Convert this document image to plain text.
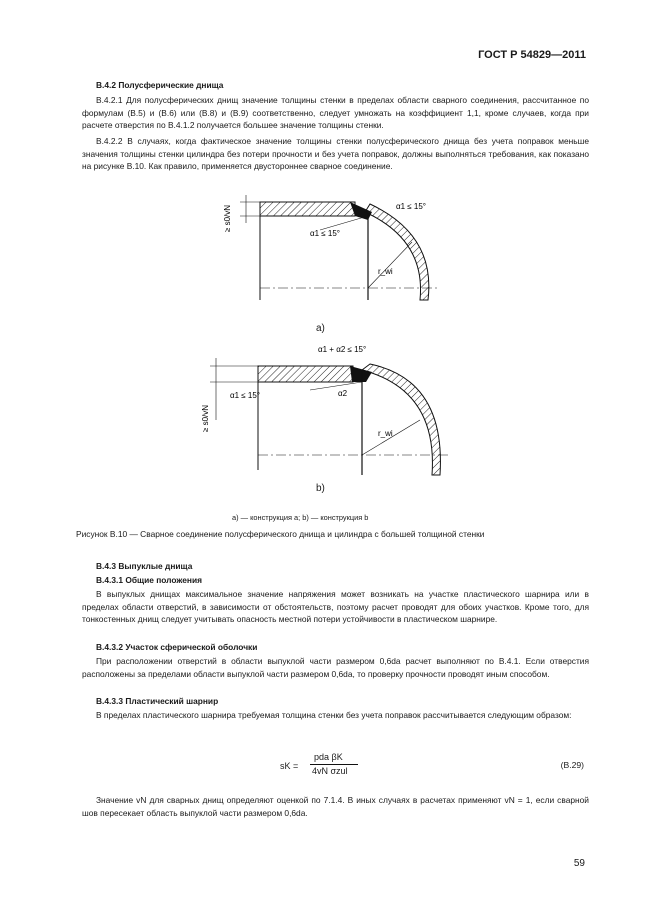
ГОСТ Р 54829—2011
B.4.2 Полусферические днища
B.4.2.1 Для полусферических днищ значение толщины стенки в пределах области сварного соединения, рассчитанное по формулам (B.5) и (B.6) или (B.8) и (B.9) соответственно, следует умножать на коэффициент 1,1, кроме случаев, когда при расчете отверстия по В.4.1.2 получается большее значение толщины стенки.
B.4.2.2 В случаях, когда фактическое значение толщины стенки полусферического днища без учета поправок меньше значения толщины стенки цилиндра без потери прочности и без учета поправок, должны выполняться требования, как показано на рисунке В.10. Как правило, применяется двустороннее сварное соединение.
≥ s0/vN	α1 ≤ 15°
α1 ≤ 15°
r_wi
a)
α1 + α2 ≤ 15°
α1 ≤ 15°	α2
≥ s0/vN
r_wi
b)
a) — конструкция a; b) — конструкция b
Рисунок B.10 — Сварное соединение полусферического днища и цилиндра с большей толщиной стенки
B.4.3 Выпуклые днища
B.4.3.1 Общие положения
В выпуклых днищах максимальное значение напряжения может возникать на участке пластического шарнира или в пределах области отверстий, в зависимости от обстоятельств, поэтому расчет проводят для обоих участков. Кроме того, для тонкостенных днищ следует учитывать опасность местной потери устойчивости в пластическом шарнире.
B.4.3.2 Участок сферической оболочки
При расположении отверстий в области выпуклой части размером 0,6dа расчет выполняют по В.4.1. Если отверстия расположены за пределами области выпуклой части размером 0,6dа, то проверку прочности проводят иным способом.
B.4.3.3 Пластический шарнир
В пределах пластического шарнира требуемая толщина стенки без учета поправок рассчитывается следующим образом:
sK =
pdа βK
4vN σzul
(B.29)
Значение vN для сварных днищ определяют оценкой по 7.1.4. В иных случаях в расчетах применяют vN = 1, если сварной шов пересекает область выпуклой части размером 0,6dа.
59
